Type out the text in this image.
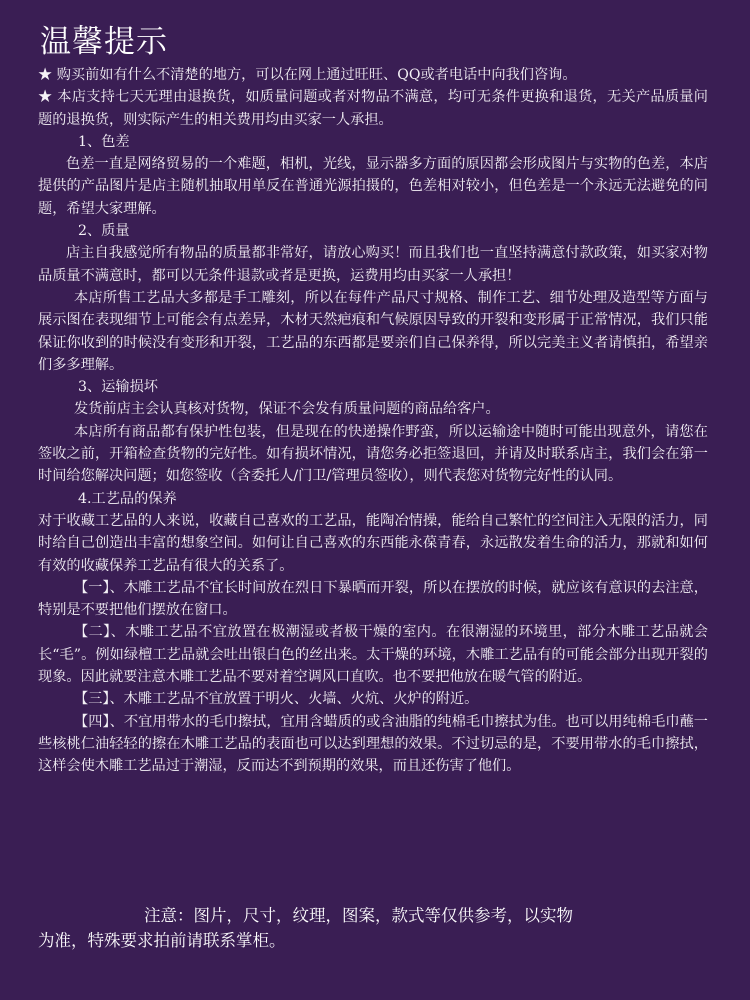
温馨提示

★ 购买前如有什么不清楚的地方，可以在网上通过旺旺、QQ或者电话中向我们咨询。

★ 本店支持七天无理由退换货，如质量问题或者对物品不满意，均可无条件更换和退货，无关产品质量问题的退换货，则实际产生的相关费用均由买家一人承担。

1、色差

色差一直是网络贸易的一个难题，相机，光线，显示器多方面的原因都会形成图片与实物的色差，本店提供的产品图片是店主随机抽取用单反在普通光源拍摄的，色差相对较小，但色差是一个永远无法避免的问题，希望大家理解。

2、质量

店主自我感觉所有物品的质量都非常好，请放心购买！而且我们也一直坚持满意付款政策，如买家对物品质量不满意时，都可以无条件退款或者是更换，运费用均由买家一人承担！

本店所售工艺品大多都是手工雕刻，所以在每件产品尺寸规格、制作工艺、细节处理及造型等方面与展示图在表现细节上可能会有点差异，木材天然疤痕和气候原因导致的开裂和变形属于正常情况，我们只能保证你收到的时候没有变形和开裂，工艺品的东西都是要亲们自己保养得，所以完美主义者请慎拍，希望亲们多多理解。

3、运输损坏

发货前店主会认真核对货物，保证不会发有质量问题的商品给客户。

本店所有商品都有保护性包装，但是现在的快递操作野蛮，所以运输途中随时可能出现意外，请您在签收之前，开箱检查货物的完好性。如有损坏情况，请您务必拒签退回，并请及时联系店主，我们会在第一时间给您解决问题；如您签收（含委托人/门卫/管理员签收），则代表您对货物完好性的认同。

4.工艺品的保养

对于收藏工艺品的人来说，收藏自己喜欢的工艺品，能陶冶情操，能给自己繁忙的空间注入无限的活力，同时给自己创造出丰富的想象空间。如何让自己喜欢的东西能永葆青春，永远散发着生命的活力，那就和如何有效的收藏保养工艺品有很大的关系了。

【一】、木雕工艺品不宜长时间放在烈日下暴晒而开裂，所以在摆放的时候，就应该有意识的去注意，特别是不要把他们摆放在窗口。

【二】、木雕工艺品不宜放置在极潮湿或者极干燥的室内。在很潮湿的环境里，部分木雕工艺品就会长“毛”。例如绿檀工艺品就会吐出银白色的丝出来。太干燥的环境，木雕工艺品有的可能会部分出现开裂的现象。因此就要注意木雕工艺品不要对着空调风口直吹。也不要把他放在暖气管的附近。

【三】、木雕工艺品不宜放置于明火、火墙、火炕、火炉的附近。

【四】、不宜用带水的毛巾擦拭，宜用含蜡质的或含油脂的纯棉毛巾擦拭为佳。也可以用纯棉毛巾蘸一些核桃仁油轻轻的擦在木雕工艺品的表面也可以达到理想的效果。不过切忌的是，不要用带水的毛巾擦拭，这样会使木雕工艺品过于潮湿，反而达不到预期的效果，而且还伤害了他们。

注意：图片，尺寸，纹理，图案，款式等仅供参考，以实物

为准，特殊要求拍前请联系掌柜。
